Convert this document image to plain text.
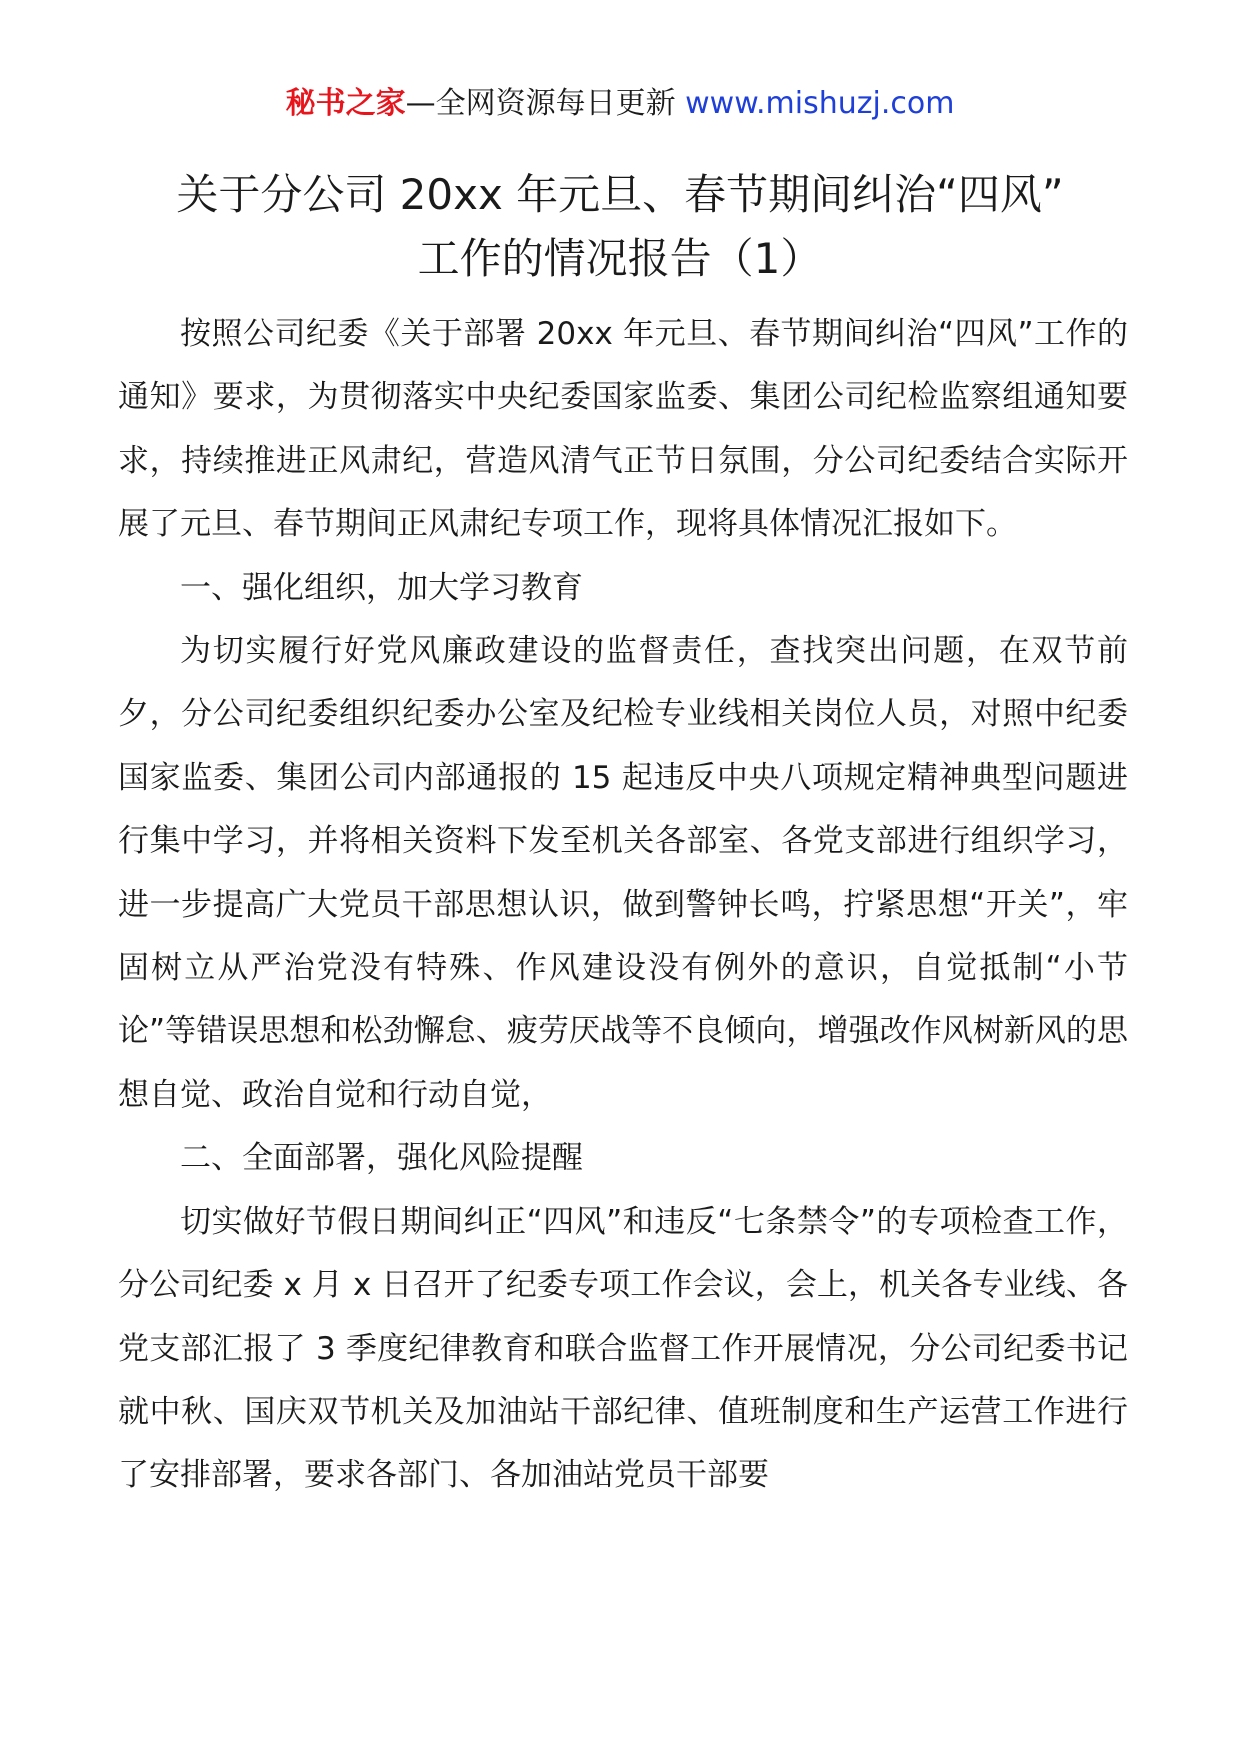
秘书之家—全网资源每日更新 www.mishuzj.com
关于分公司 20xx 年元旦、春节期间纠治“四风”
工作的情况报告（1）

按照公司纪委《关于部署 20xx 年元旦、春节期间纠治“四风”工作的通知》要求，为贯彻落实中央纪委国家监委、集团公司纪检监察组通知要求，持续推进正风肃纪，营造风清气正节日氛围，分公司纪委结合实际开展了元旦、春节期间正风肃纪专项工作，现将具体情况汇报如下。

一、强化组织，加大学习教育

为切实履行好党风廉政建设的监督责任，查找突出问题，在双节前夕，分公司纪委组织纪委办公室及纪检专业线相关岗位人员，对照中纪委国家监委、集团公司内部通报的 15 起违反中央八项规定精神典型问题进行集中学习，并将相关资料下发至机关各部室、各党支部进行组织学习，进一步提高广大党员干部思想认识，做到警钟长鸣，拧紧思想“开关”，牢固树立从严治党没有特殊、作风建设没有例外的意识，自觉抵制“小节论”等错误思想和松劲懈怠、疲劳厌战等不良倾向，增强改作风树新风的思想自觉、政治自觉和行动自觉，

二、全面部署，强化风险提醒

切实做好节假日期间纠正“四风”和违反“七条禁令”的专项检查工作，分公司纪委 x 月 x 日召开了纪委专项工作会议，会上，机关各专业线、各党支部汇报了 3 季度纪律教育和联合监督工作开展情况，分公司纪委书记就中秋、国庆双节机关及加油站干部纪律、值班制度和生产运营工作进行了安排部署，要求各部门、各加油站党员干部要
